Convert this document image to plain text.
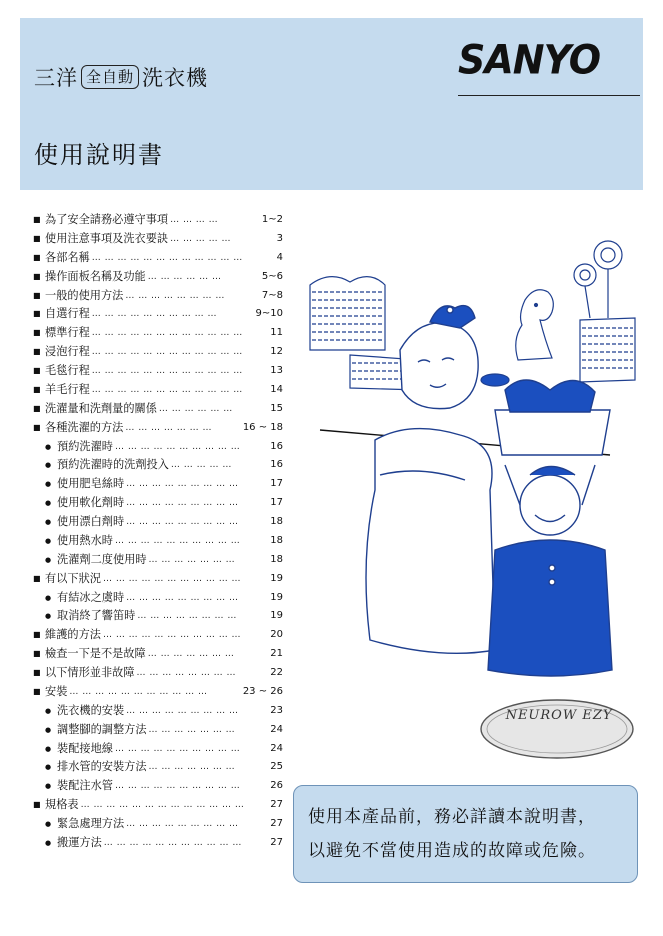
三洋 全自動 洗衣機
使用說明書
SANYO
■ 為了安全請務必遵守事項 … … … …	1~2
■ 使用注意事項及洗衣要訣 … … … … …	3
■ 各部名稱 … … … … … … … … … … … …	4
■ 操作面板名稱及功能 … … … … … …	5~6
■ 一般的使用方法 … … … … … … … …	7~8
■ 自選行程 … … … … … … … … … …	9~10
■ 標準行程 … … … … … … … … … … … …	11
■ 浸泡行程 … … … … … … … … … … … …	12
■ 毛毯行程 … … … … … … … … … … … …	13
■ 羊毛行程 … … … … … … … … … … … …	14
■ 洗濯量和洗劑量的關係 … … … … … …	15
■ 各種洗濯的方法 … … … … … … …	16 ~ 18
● 預約洗濯時 … … … … … … … … … …	16
● 預約洗濯時的洗劑投入 … … … … …	16
● 使用肥皂絲時 … … … … … … … … …	17
● 使用軟化劑時 … … … … … … … … …	17
● 使用漂白劑時 … … … … … … … … …	18
● 使用熱水時 … … … … … … … … … …	18
● 洗濯劑二度使用時 … … … … … … …	18
■ 有以下狀況 … … … … … … … … … … …	19
● 有結冰之虞時 … … … … … … … … …	19
● 取消終了響笛時 … … … … … … … …	19
■ 維護的方法 … … … … … … … … … … …	20
■ 檢查一下是不是故障 … … … … … … …	21
■ 以下情形並非故障 … … … … … … … …	22
■ 安裝 … … … … … … … … … … …	23 ~ 26
● 洗衣機的安裝 … … … … … … … … …	23
● 調整腳的調整方法 … … … … … … …	24
● 裝配接地線 … … … … … … … … … …	24
● 排水管的安裝方法 … … … … … … …	25
● 裝配注水管 … … … … … … … … … …	26
■ 規格表 … … … … … … … … … … … … …	27
● 緊急處理方法 … … … … … … … … …	27
● 搬運方法 … … … … … … … … … … …	27
NEUROW EZY

使用本產品前，務必詳讀本說明書，

以避免不當使用造成的故障或危險。
